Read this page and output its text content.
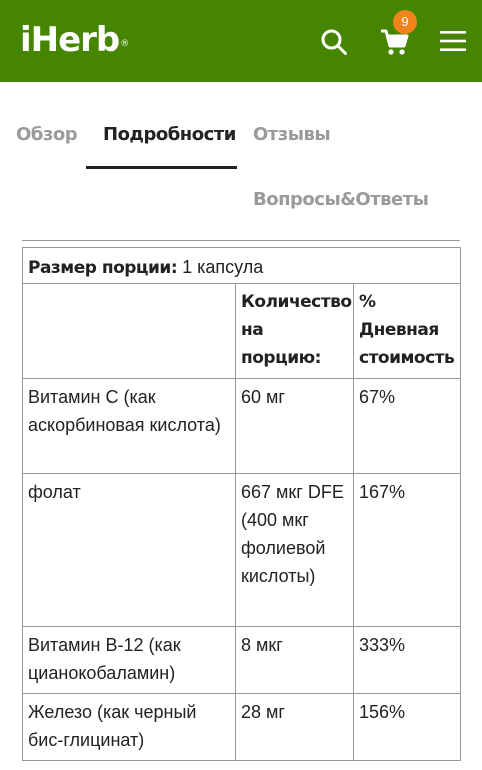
iHerb®
9
Обзор Подробности Отзывы
Вопросы&Ответы
Размер порции: 1 капсула		
	Количество на порцию:	% Дневная стоимость
Витамин C (как аскорбиновая кислота)	60 мг	67%
фолат	667 мкг DFE (400 мкг фолиевой кислоты)	167%
Витамин B-12 (как цианокобаламин)	8 мкг	333%
Железо (как черный бис-глицинат)	28 мг	156%
